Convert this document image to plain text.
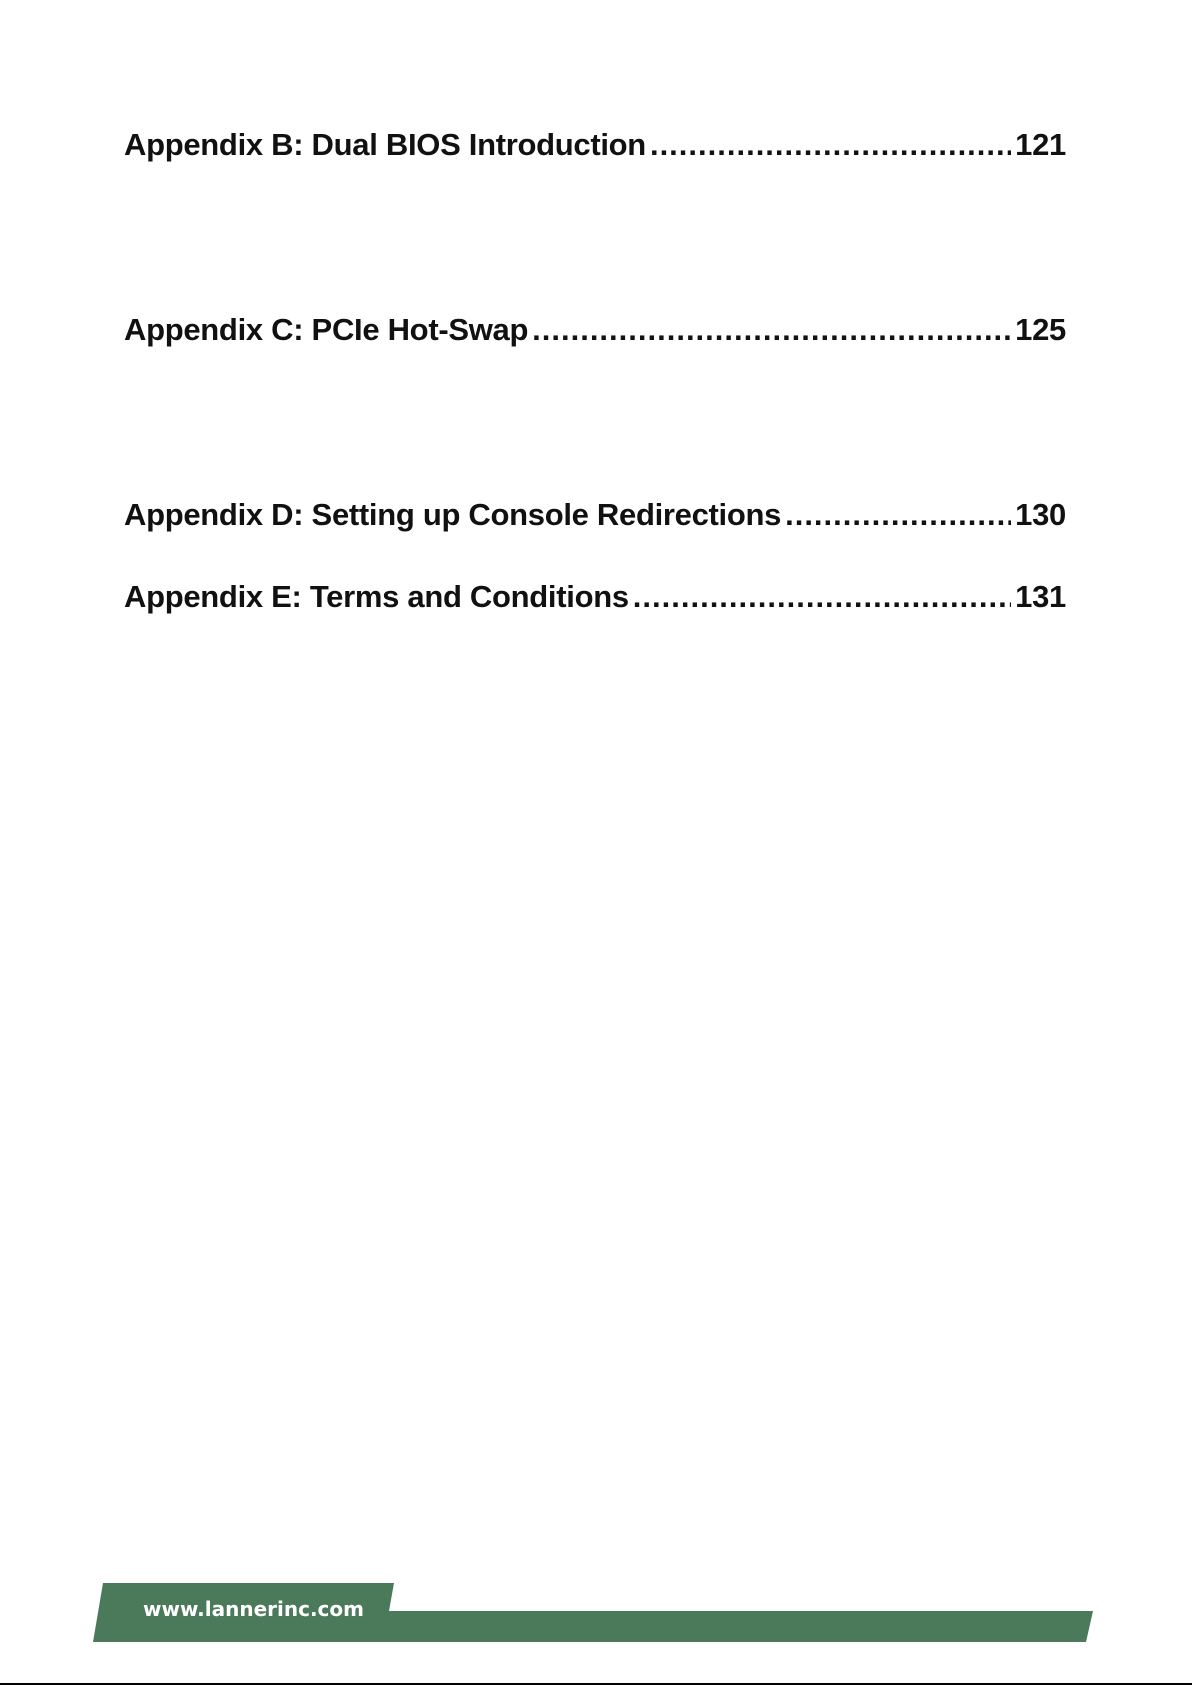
Appendix B: Dual BIOS Introduction .....	121
Appendix C: PCIe Hot-Swap .....	125
Appendix D: Setting up Console Redirections .....	130
Appendix E: Terms and Conditions .....	131
www.lannerinc.com
